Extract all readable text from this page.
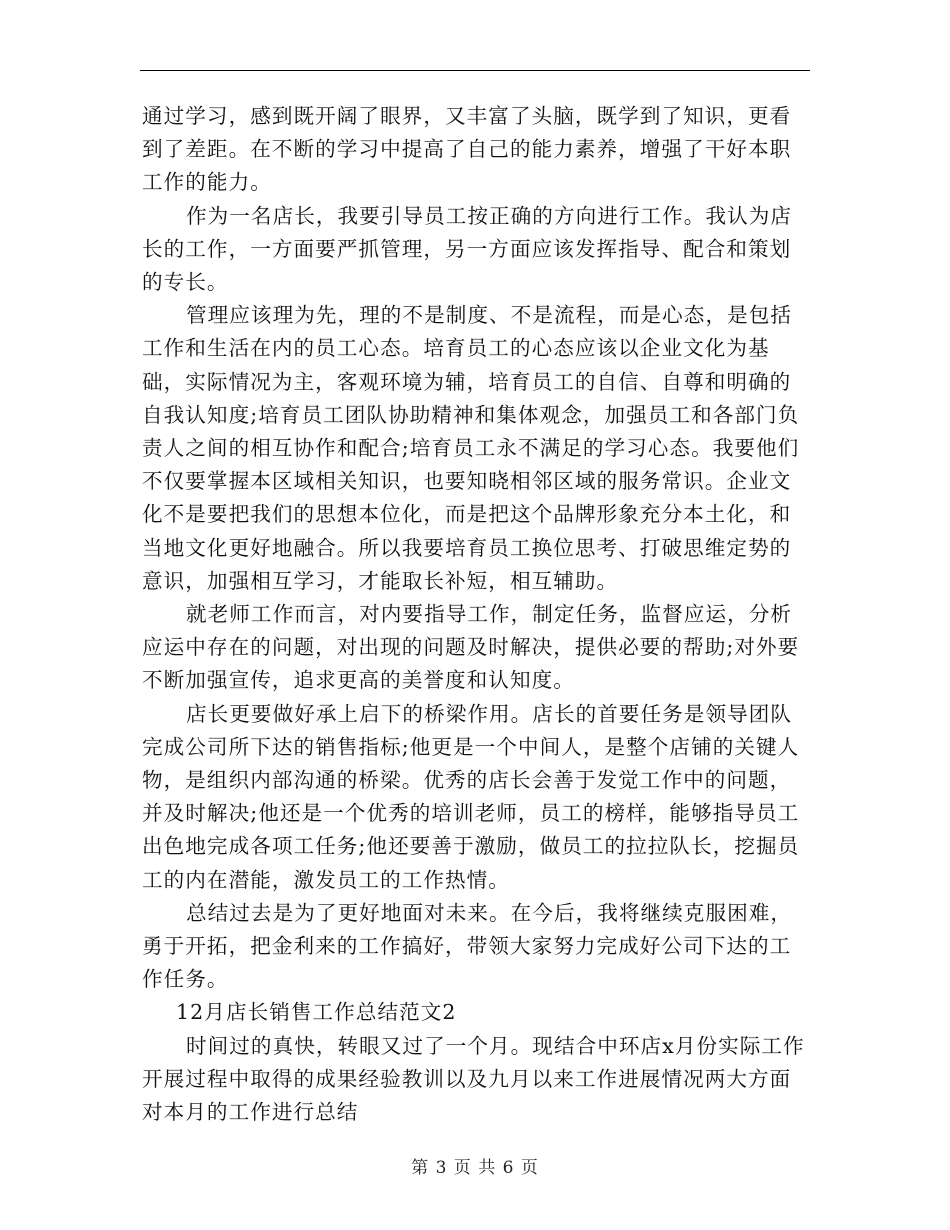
通过学习，感到既开阔了眼界，又丰富了头脑，既学到了知识，更看到了差距。在不断的学习中提高了自己的能力素养，增强了干好本职工作的能力。

作为一名店长，我要引导员工按正确的方向进行工作。我认为店长的工作，一方面要严抓管理，另一方面应该发挥指导、配合和策划的专长。

管理应该理为先，理的不是制度、不是流程，而是心态，是包括工作和生活在内的员工心态。培育员工的心态应该以企业文化为基础，实际情况为主，客观环境为辅，培育员工的自信、自尊和明确的自我认知度;培育员工团队协助精神和集体观念，加强员工和各部门负责人之间的相互协作和配合;培育员工永不满足的学习心态。我要他们不仅要掌握本区域相关知识，也要知晓相邻区域的服务常识。企业文化不是要把我们的思想本位化，而是把这个品牌形象充分本土化，和当地文化更好地融合。所以我要培育员工换位思考、打破思维定势的意识，加强相互学习，才能取长补短，相互辅助。

就老师工作而言，对内要指导工作，制定任务，监督应运，分析应运中存在的问题，对出现的问题及时解决，提供必要的帮助;对外要不断加强宣传，追求更高的美誉度和认知度。

店长更要做好承上启下的桥梁作用。店长的首要任务是领导团队完成公司所下达的销售指标;他更是一个中间人，是整个店铺的关键人物，是组织内部沟通的桥梁。优秀的店长会善于发觉工作中的问题，并及时解决;他还是一个优秀的培训老师，员工的榜样，能够指导员工出色地完成各项工任务;他还要善于激励，做员工的拉拉队长，挖掘员工的内在潜能，激发员工的工作热情。

总结过去是为了更好地面对未来。在今后，我将继续克服困难，勇于开拓，把金利来的工作搞好，带领大家努力完成好公司下达的工作任务。

12月店长销售工作总结范文2

时间过的真快，转眼又过了一个月。现结合中环店x月份实际工作开展过程中取得的成果经验教训以及九月以来工作进展情况两大方面对本月的工作进行总结

第 3 页 共 6 页
